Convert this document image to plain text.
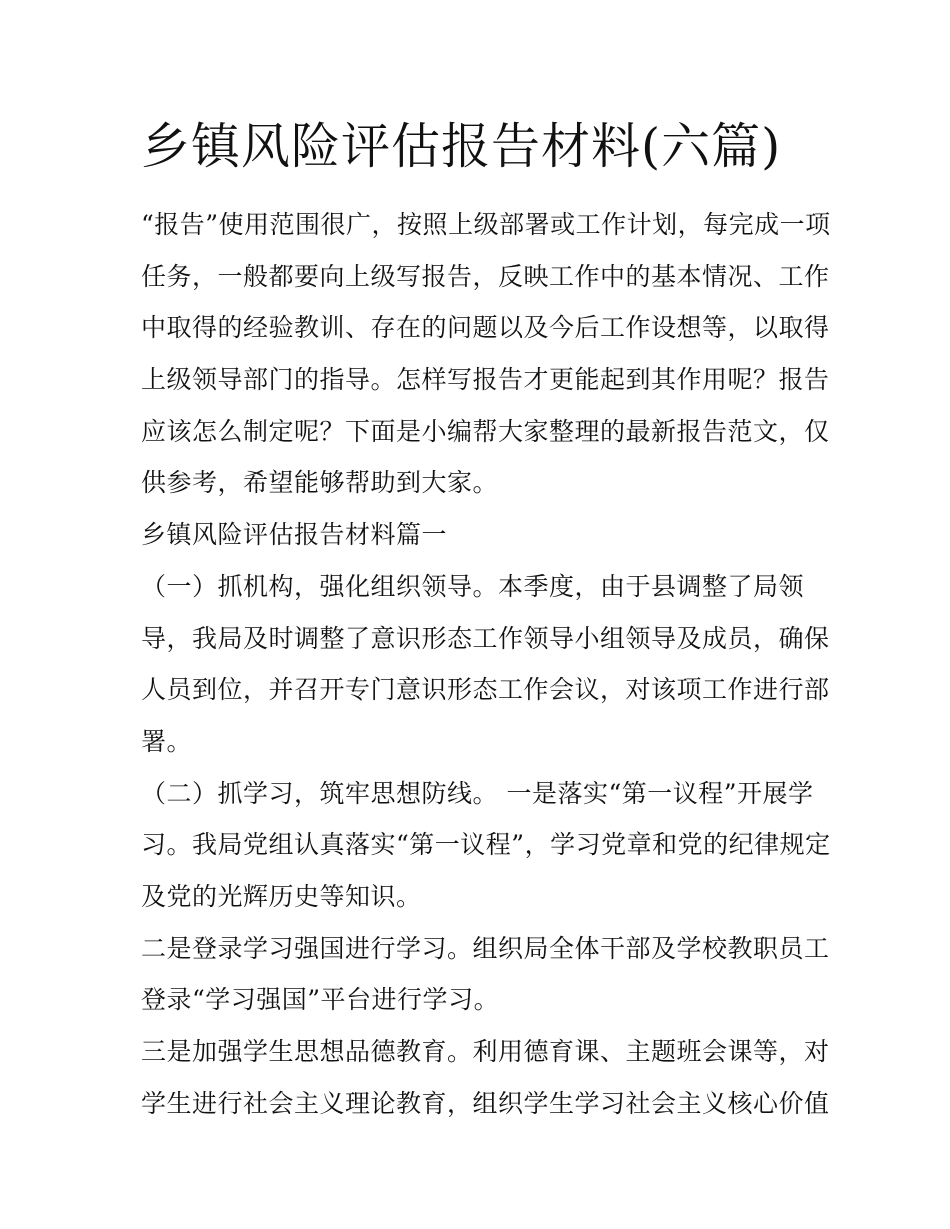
乡镇风险评估报告材料(六篇)
“报告”使用范围很广，按照上级部署或工作计划，每完成一项
任务，一般都要向上级写报告，反映工作中的基本情况、工作
中取得的经验教训、存在的问题以及今后工作设想等，以取得
上级领导部门的指导。怎样写报告才更能起到其作用呢？报告
应该怎么制定呢？下面是小编帮大家整理的最新报告范文，仅
供参考，希望能够帮助到大家。
乡镇风险评估报告材料篇一
（一）抓机构，强化组织领导。本季度，由于县调整了局领
导，我局及时调整了意识形态工作领导小组领导及成员，确保
人员到位，并召开专门意识形态工作会议，对该项工作进行部
署。
（二）抓学习，筑牢思想防线。 一是落实“第一议程”开展学
习。我局党组认真落实“第一议程”，学习党章和党的纪律规定
及党的光辉历史等知识。
二是登录学习强国进行学习。组织局全体干部及学校教职员工
登录“学习强国”平台进行学习。
三是加强学生思想品德教育。利用德育课、主题班会课等，对
学生进行社会主义理论教育，组织学生学习社会主义核心价值
